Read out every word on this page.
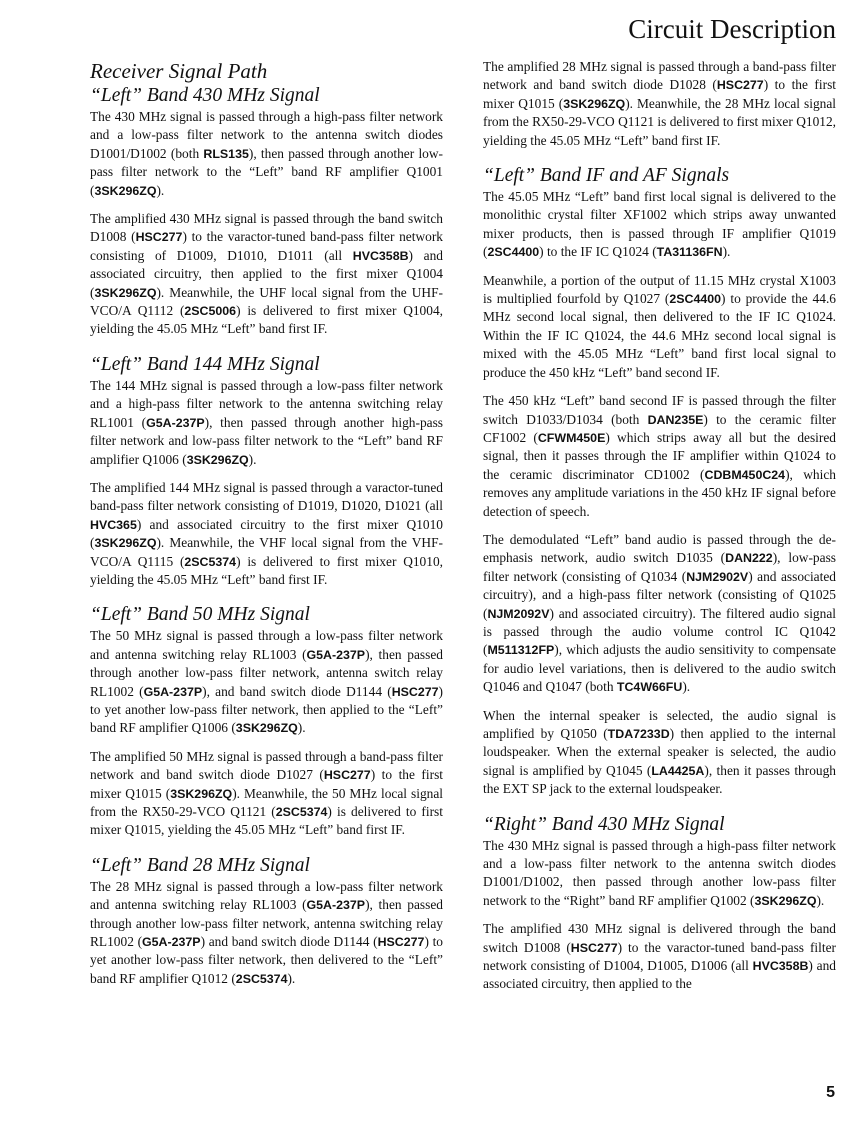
Circuit Description
Receiver Signal Path
“Left” Band 430 MHz Signal

The 430 MHz signal is passed through a high-pass filter network and a low-pass filter network to the antenna switch diodes D1001/D1002 (both RLS135), then passed through another low-pass filter network to the “Left” band RF amplifier Q1001 (3SK296ZQ).

The amplified 430 MHz signal is passed through the band switch D1008 (HSC277) to the varactor-tuned band-pass filter network consisting of D1009, D1010, D1011 (all HVC358B) and associated circuitry, then applied to the first mixer Q1004 (3SK296ZQ). Meanwhile, the UHF local signal from the UHF-VCO/A Q1112 (2SC5006) is delivered to first mixer Q1004, yielding the 45.05 MHz “Left” band first IF.

“Left” Band 144 MHz Signal

The 144 MHz signal is passed through a low-pass filter network and a high-pass filter network to the antenna switching relay RL1001 (G5A-237P), then passed through another high-pass filter network and low-pass filter network to the “Left” band RF amplifier Q1006 (3SK296ZQ).

The amplified 144 MHz signal is passed through a varactor-tuned band-pass filter network consisting of D1019, D1020, D1021 (all HVC365) and associated circuitry to the first mixer Q1010 (3SK296ZQ). Meanwhile, the VHF local signal from the VHF-VCO/A Q1115 (2SC5374) is delivered to first mixer Q1010, yielding the 45.05 MHz “Left” band first IF.

“Left” Band 50 MHz Signal

The 50 MHz signal is passed through a low-pass filter network and antenna switching relay RL1003 (G5A-237P), then passed through another low-pass filter network, antenna switch relay RL1002 (G5A-237P), and band switch diode D1144 (HSC277) to yet another low-pass filter network, then applied to the “Left” band RF amplifier Q1006 (3SK296ZQ).

The amplified 50 MHz signal is passed through a band-pass filter network and band switch diode D1027 (HSC277) to the first mixer Q1015 (3SK296ZQ). Meanwhile, the 50 MHz local signal from the RX50-29-VCO Q1121 (2SC5374) is delivered to first mixer Q1015, yielding the 45.05 MHz “Left” band first IF.

“Left” Band 28 MHz Signal

The 28 MHz signal is passed through a low-pass filter network and antenna switching relay RL1003 (G5A-237P), then passed through another low-pass filter network, antenna switching relay RL1002 (G5A-237P) and band switch diode D1144 (HSC277) to yet another low-pass filter network, then delivered to the “Left” band RF amplifier Q1012 (2SC5374).

The amplified 28 MHz signal is passed through a band-pass filter network and band switch diode D1028 (HSC277) to the first mixer Q1015 (3SK296ZQ). Meanwhile, the 28 MHz local signal from the RX50-29-VCO Q1121 is delivered to first mixer Q1012, yielding the 45.05 MHz “Left” band first IF.

“Left” Band IF and AF Signals

The 45.05 MHz “Left” band first local signal is delivered to the monolithic crystal filter XF1002 which strips away unwanted mixer products, then is passed through IF amplifier Q1019 (2SC4400) to the IF IC Q1024 (TA31136FN).

Meanwhile, a portion of the output of 11.15 MHz crystal X1003 is multiplied fourfold by Q1027 (2SC4400) to provide the 44.6 MHz second local signal, then delivered to the IF IC Q1024. Within the IF IC Q1024, the 44.6 MHz second local signal is mixed with the 45.05 MHz “Left” band first local signal to produce the 450 kHz “Left” band second IF.

The 450 kHz “Left” band second IF is passed through the filter switch D1033/D1034 (both DAN235E) to the ceramic filter CF1002 (CFWM450E) which strips away all but the desired signal, then it passes through the IF amplifier within Q1024 to the ceramic discriminator CD1002 (CDBM450C24), which removes any amplitude variations in the 450 kHz IF signal before detection of speech.

The demodulated “Left” band audio is passed through the de-emphasis network, audio switch D1035 (DAN222), low-pass filter network (consisting of Q1034 (NJM2902V) and associated circuitry), and a high-pass filter network (consisting of Q1025 (NJM2092V) and associated circuitry). The filtered audio signal is passed through the audio volume control IC Q1042 (M511312FP), which adjusts the audio sensitivity to compensate for audio level variations, then is delivered to the audio switch Q1046 and Q1047 (both TC4W66FU).

When the internal speaker is selected, the audio signal is amplified by Q1050 (TDA7233D) then applied to the internal loudspeaker. When the external speaker is selected, the audio signal is amplified by Q1045 (LA4425A), then it passes through the EXT SP jack to the external loudspeaker.

“Right” Band 430 MHz Signal

The 430 MHz signal is passed through a high-pass filter network and a low-pass filter network to the antenna switch diodes D1001/D1002, then passed through another low-pass filter network to the “Right” band RF amplifier Q1002 (3SK296ZQ).

The amplified 430 MHz signal is delivered through the band switch D1008 (HSC277) to the varactor-tuned band-pass filter network consisting of D1004, D1005, D1006 (all HVC358B) and associated circuitry, then applied to the

5
